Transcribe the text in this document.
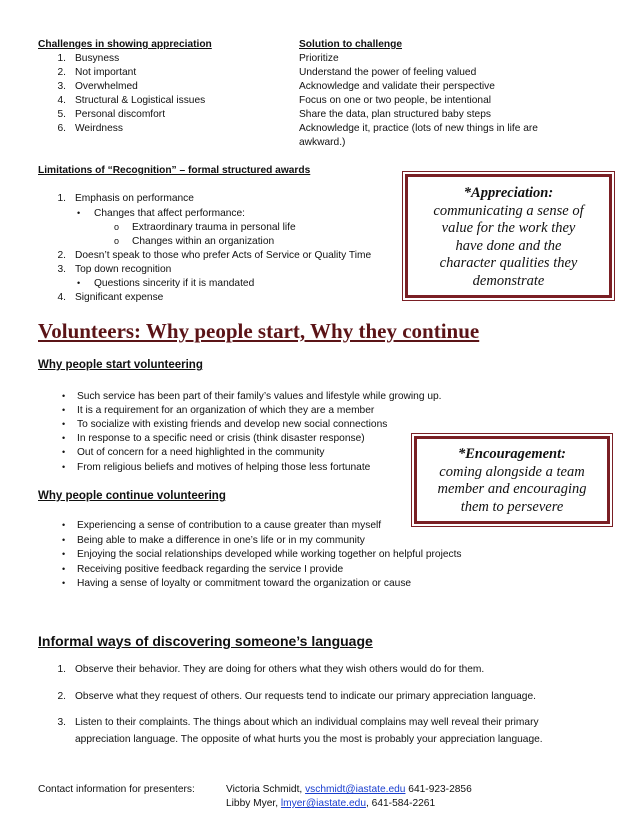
Challenges in showing appreciation	Solution to challenge
1. Busyness	Prioritize
2. Not important	Understand the power of feeling valued
3. Overwhelmed	Acknowledge and validate their perspective
4. Structural & Logistical issues	Focus on one or two people, be intentional
5. Personal discomfort	Share the data, plan structured baby steps
6. Weirdness	Acknowledge it, practice (lots of new things in life are
awkward.)
Limitations of “Recognition” – formal structured awards
1. Emphasis on performance
• Changes that affect performance:
o Extraordinary trauma in personal life
o Changes within an organization
2. Doesn’t speak to those who prefer Acts of Service or Quality Time
3. Top down recognition
• Questions sincerity if it is mandated
4. Significant expense
*Appreciation:
communicating a sense of
value for the work they
have done and the
character qualities they
demonstrate
Volunteers: Why people start, Why they continue
Why people start volunteering
• Such service has been part of their family’s values and lifestyle while growing up.
• It is a requirement for an organization of which they are a member
• To socialize with existing friends and develop new social connections
• In response to a specific need or crisis (think disaster response)
• Out of concern for a need highlighted in the community
• From religious beliefs and motives of helping those less fortunate
Why people continue volunteering
• Experiencing a sense of contribution to a cause greater than myself
• Being able to make a difference in one’s life or in my community
• Enjoying the social relationships developed while working together on helpful projects
• Receiving positive feedback regarding the service I provide
• Having a sense of loyalty or commitment toward the organization or cause
*Encouragement:
coming alongside a team
member and encouraging
them to persevere
Informal ways of discovering someone’s language
1. Observe their behavior. They are doing for others what they wish others would do for them.
2. Observe what they request of others. Our requests tend to indicate our primary appreciation language.
3. Listen to their complaints. The things about which an individual complains may well reveal their primary
appreciation language. The opposite of what hurts you the most is probably your appreciation language.
Contact information for presenters:	Victoria Schmidt, vschmidt@iastate.edu 641-923-2856
Libby Myer, lmyer@iastate.edu, 641-584-2261
